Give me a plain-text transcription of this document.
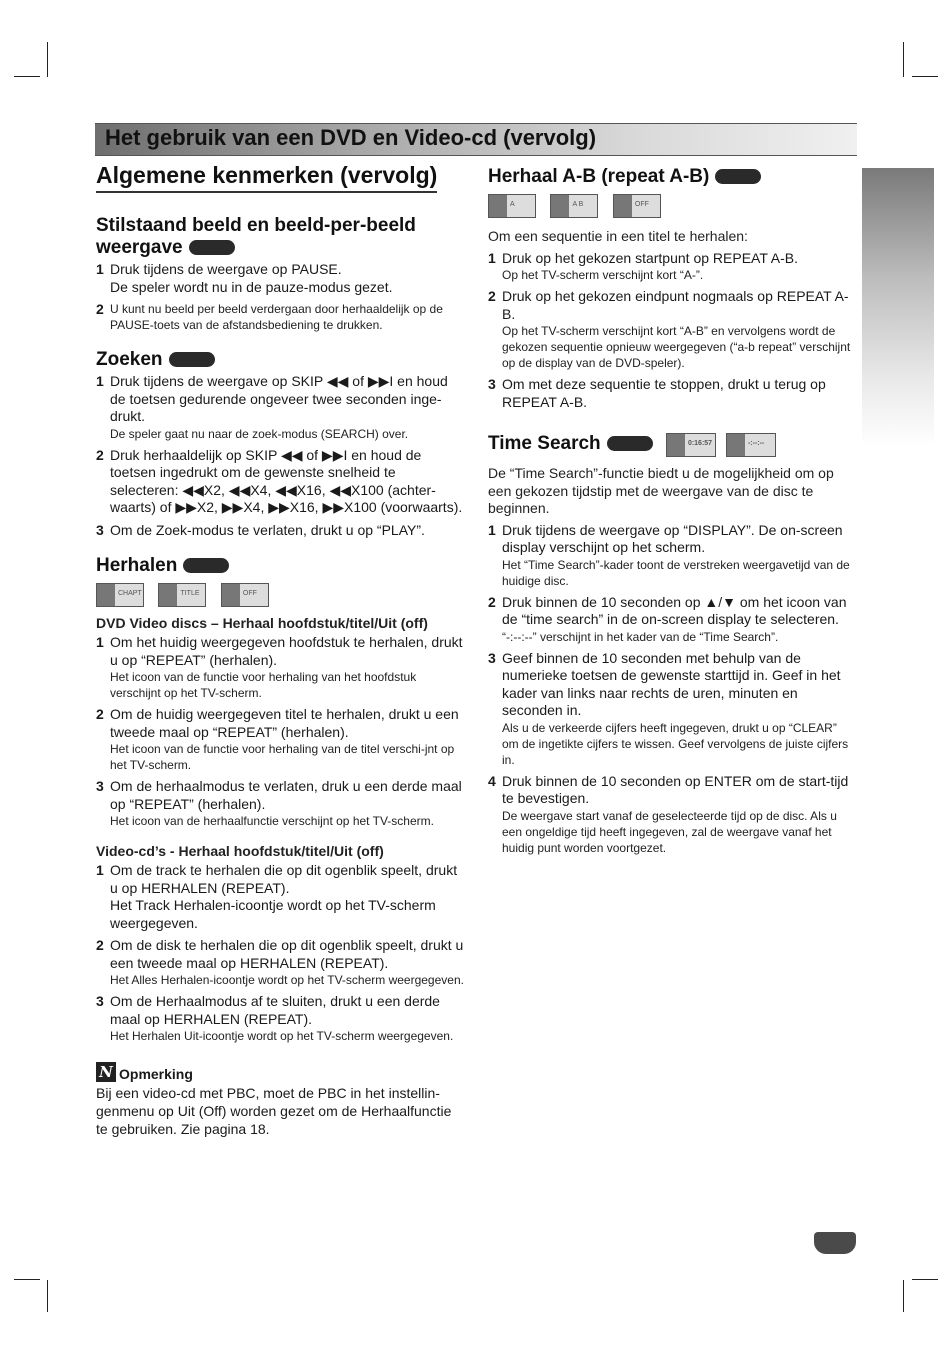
Het gebruik van een DVD en Video-cd (vervolg)
Algemene kenmerken (vervolg)
Stilstaand beeld en beeld-per-beeld weergave
1 Druk tijdens de weergave op PAUSE.
De speler wordt nu in de pauze-modus gezet.
2 U kunt nu beeld per beeld verdergaan door herhaaldelijk op de PAUSE-toets van de afstandsbediening te drukken.
Zoeken
1 Druk tijdens de weergave op SKIP ◀◀ of ▶▶I en houd de toetsen gedurende ongeveer twee seconden inge-drukt.
De speler gaat nu naar de zoek-modus (SEARCH) over.
2 Druk herhaaldelijk op SKIP ◀◀ of ▶▶I en houd de toetsen ingedrukt om de gewenste snelheid te selecteren: ◀◀X2, ◀◀X4, ◀◀X16, ◀◀X100 (achter-waarts) of ▶▶X2, ▶▶X4, ▶▶X16, ▶▶X100 (voorwaarts).
3 Om de Zoek-modus te verlaten, drukt u op “PLAY”.
Herhalen
CHAPT
	TITLE
	OFF
DVD Video discs – Herhaal hoofdstuk/titel/Uit (off)
1 Om het huidig weergegeven hoofdstuk te herhalen, drukt u op “REPEAT” (herhalen).
Het icoon van de functie voor herhaling van het hoofdstuk verschijnt op het TV-scherm.
2 Om de huidig weergegeven titel te herhalen, drukt u een tweede maal op “REPEAT” (herhalen).
Het icoon van de functie voor herhaling van de titel verschi-jnt op het TV-scherm.
3 Om de herhaalmodus te verlaten, druk u een derde maal op “REPEAT” (herhalen).
Het icoon van de herhaalfunctie verschijnt op het TV-scherm.
Video-cd’s - Herhaal hoofdstuk/titel/Uit (off)
1 Om de track te herhalen die op dit ogenblik speelt, drukt u op HERHALEN (REPEAT).
Het Track Herhalen-icoontje wordt op het TV-scherm weergegeven.
2 Om de disk te herhalen die op dit ogenblik speelt, drukt u een tweede maal op HERHALEN (REPEAT).
Het Alles Herhalen-icoontje wordt op het TV-scherm weergegeven.
3 Om de Herhaalmodus af te sluiten, drukt u een derde maal op HERHALEN (REPEAT).
Het Herhalen Uit-icoontje wordt op het TV-scherm weergegeven.
N Opmerking
Bij een video-cd met PBC, moet de PBC in het instellin-genmenu op Uit (Off) worden gezet om de Herhaalfunctie te gebruiken. Zie pagina 18.
Herhaal A-B (repeat A-B)
A
	A B
	OFF

Om een sequentie in een titel te herhalen:

1 Druk op het gekozen startpunt op REPEAT A-B.
Op het TV-scherm verschijnt kort “A-”.
2 Druk op het gekozen eindpunt nogmaals op REPEAT A-B.
Op het TV-scherm verschijnt kort “A-B” en vervolgens wordt de gekozen sequentie opnieuw weergegeven (“a-b repeat” verschijnt op de display van de DVD-speler).
3 Om met deze sequentie te stoppen, drukt u terug op REPEAT A-B.
Time Search	0:16:57	-:--:--

De “Time Search”-functie biedt u de mogelijkheid om op een gekozen tijdstip met de weergave van de disc te beginnen.

1 Druk tijdens de weergave op “DISPLAY”. De on-screen display verschijnt op het scherm.
Het “Time Search”-kader toont de verstreken weergavetijd van de huidige disc.
2 Druk binnen de 10 seconden op ▲/▼ om het icoon van de “time search” in de on-screen display te selecteren.
“-:--:--” verschijnt in het kader van de “Time Search”.
3 Geef binnen de 10 seconden met behulp van de numerieke toetsen de gewenste starttijd in. Geef in het kader van links naar rechts de uren, minuten en seconden in.
Als u de verkeerde cijfers heeft ingegeven, drukt u op “CLEAR” om de ingetikte cijfers te wissen. Geef vervolgens de juiste cijfers in.
4 Druk binnen de 10 seconden op ENTER om de start-tijd te bevestigen.
De weergave start vanaf de geselecteerde tijd op de disc. Als u een ongeldige tijd heeft ingegeven, zal de weergave vanaf het huidig punt worden voortgezet.
